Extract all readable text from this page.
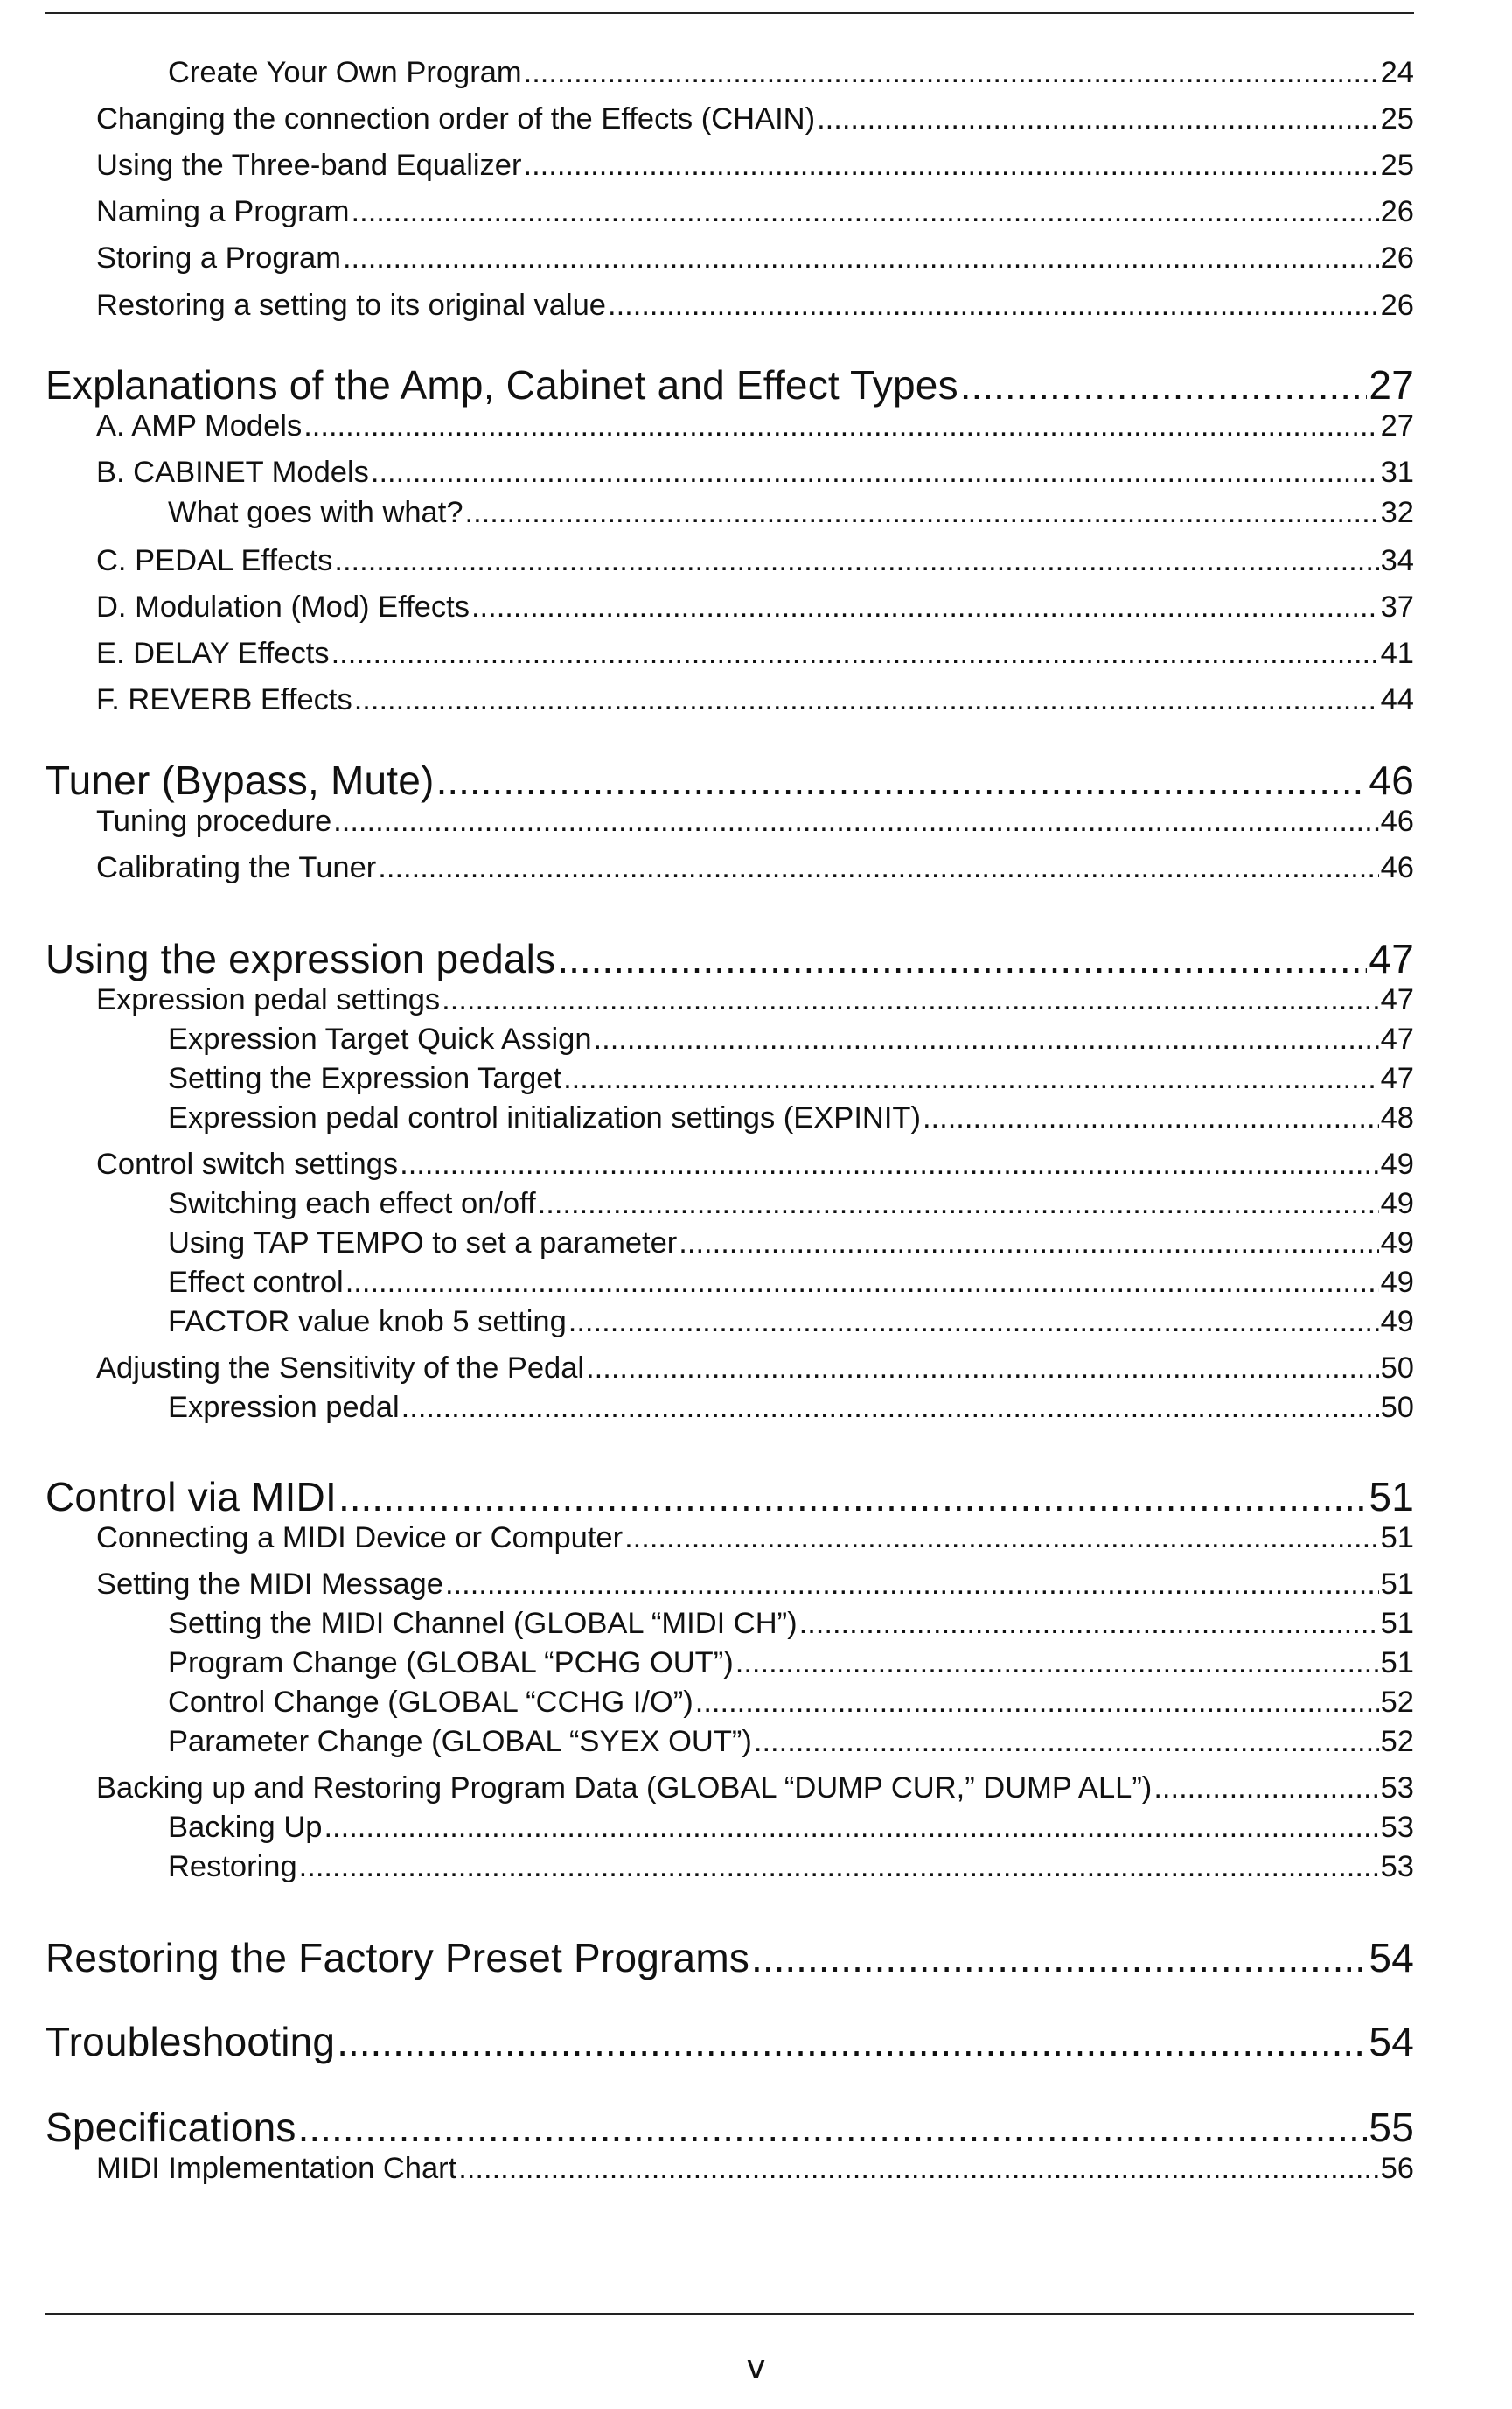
Create Your Own Program .....	24
Changing the connection order of the Effects (CHAIN) .....	25
Using the Three-band Equalizer .....	25
Naming a Program .....	26
Storing a Program .....	26
Restoring a setting to its original value .....	26
Explanations of the Amp, Cabinet and Effect Types .....	27
A. AMP Models .....	27
B. CABINET Models .....	31
What goes with what? .....	32
C. PEDAL Effects .....	34
D. Modulation (Mod) Effects .....	37
E. DELAY Effects .....	41
F. REVERB Effects .....	44
Tuner (Bypass, Mute) .....	46
Tuning procedure .....	46
Calibrating the Tuner .....	46
Using the expression pedals .....	47
Expression pedal settings .....	47
Expression Target Quick Assign .....	47
Setting the Expression Target .....	47
Expression pedal control initialization settings (EXPINIT) .....	48
Control switch settings .....	49
Switching each effect on/off .....	49
Using TAP TEMPO to set a parameter .....	49
Effect control .....	49
FACTOR value knob 5 setting .....	49
Adjusting the Sensitivity of the Pedal .....	50
Expression pedal .....	50
Control via MIDI .....	51
Connecting a MIDI Device or Computer .....	51
Setting the MIDI Message .....	51
Setting the MIDI Channel (GLOBAL “MIDI CH”) .....	51
Program Change (GLOBAL “PCHG OUT”) .....	51
Control Change (GLOBAL “CCHG I/O”) .....	52
Parameter Change (GLOBAL “SYEX OUT”) .....	52
Backing up and Restoring Program Data (GLOBAL “DUMP CUR,” DUMP ALL”) .....	53
Backing Up .....	53
Restoring .....	53
Restoring the Factory Preset Programs .....	54
Troubleshooting .....	54
Specifications .....	55
MIDI Implementation Chart .....	56
v
